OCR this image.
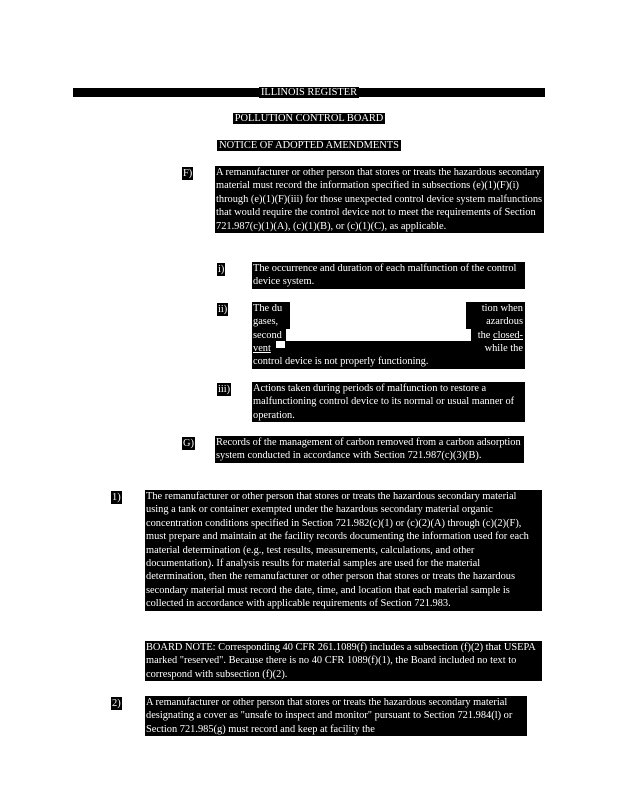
ILLINOIS REGISTER
POLLUTION CONTROL BOARD
NOTICE OF ADOPTED AMENDMENTS
F) A remanufacturer or other person that stores or treats the hazardous secondary material must record the information specified in subsections (e)(1)(F)(i) through (e)(1)(F)(iii) for those unexpected control device system malfunctions that would require the control device not to meet the requirements of Section 721.987(c)(1)(A), (c)(1)(B), or (c)(1)(C), as applicable.

i)	The occurrence and duration of each malfunction of the control device system.

ii) The du	tion when
gases,	azardous
second	the closed-
vent	while the
control device is not properly functioning.
iii) Actions taken during periods of malfunction to restore a malfunctioning control device to its normal or usual manner of operation.

G) Records of the management of carbon removed from a carbon adsorption system conducted in accordance with Section 721.987(c)(3)(B).

1) The remanufacturer or other person that stores or treats the hazardous secondary material using a tank or container exempted under the hazardous secondary material organic concentration conditions specified in Section 721.982(c)(1) or (c)(2)(A) through (c)(2)(F), must prepare and maintain at the facility records documenting the information used for each material determination (e.g., test results, measurements, calculations, and other documentation). If analysis results for material samples are used for the material determination, then the remanufacturer or other person that stores or treats the hazardous secondary material must record the date, time, and location that each material sample is collected in accordance with applicable requirements of Section 721.983.

BOARD NOTE: Corresponding 40 CFR 261.1089(f) includes a subsection (f)(2) that USEPA marked "reserved". Because there is no 40 CFR 1089(f)(1), the Board included no text to correspond with subsection (f)(2).

2) A remanufacturer or other person that stores or treats the hazardous secondary material designating a cover as "unsafe to inspect and monitor" pursuant to Section 721.984(l) or Section 721.985(g) must record and keep at facility the
